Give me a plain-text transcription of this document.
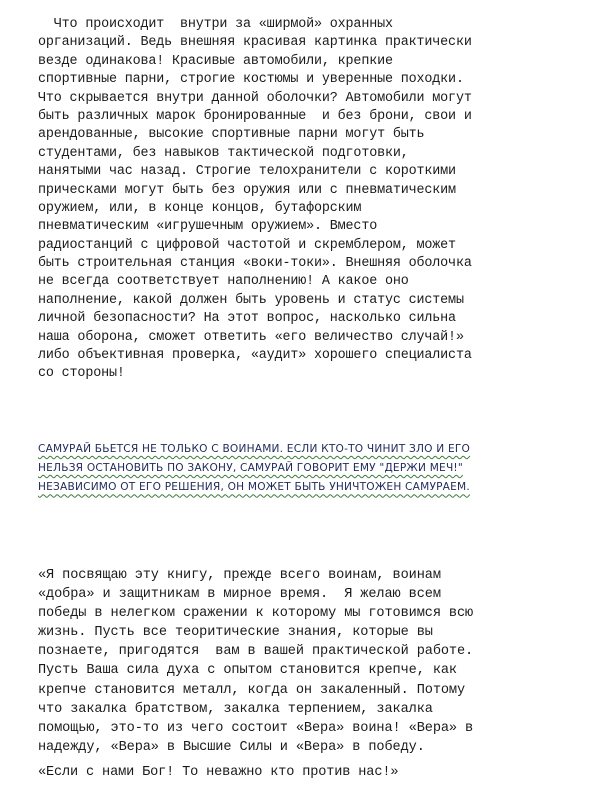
Что происходит  внутри за «ширмой» охранных
организаций. Ведь внешняя красивая картинка практически
везде одинакова! Красивые автомобили, крепкие
спортивные парни, строгие костюмы и уверенные походки.
Что скрывается внутри данной оболочки? Автомобили могут
быть различных марок бронированные  и без брони, свои и
арендованные, высокие спортивные парни могут быть
студентами, без навыков тактической подготовки,
нанятыми час назад. Строгие телохранители с короткими
прическами могут быть без оружия или с пневматическим
оружием, или, в конце концов, бутафорским
пневматическим «игрушечным оружием». Вместо
радиостанций с цифровой частотой и скремблером, может
быть строительная станция «воки-токи». Внешняя оболочка
не всегда соответствует наполнению! А какое оно
наполнение, какой должен быть уровень и статус системы
личной безопасности? На этот вопрос, насколько сильна
наша оборона, сможет ответить «его величество случай!»
либо объективная проверка, «аудит» хорошего специалиста
со стороны!
САМУРАЙ БЬЕТСЯ НЕ ТОЛЬКО С ВОИНАМИ. ЕСЛИ КТО-ТО ЧИНИТ ЗЛО И ЕГО
НЕЛЬЗЯ ОСТАНОВИТЬ ПО ЗАКОНУ, САМУРАЙ ГОВОРИТ ЕМУ "ДЕРЖИ МЕЧ!"
НЕЗАВИСИМО ОТ ЕГО РЕШЕНИЯ, ОН МОЖЕТ БЫТЬ УНИЧТОЖЕН САМУРАЕМ.
«Я посвящаю эту книгу, прежде всего воинам, воинам
«добра» и защитникам в мирное время.  Я желаю всем
победы в нелегком сражении к которому мы готовимся всю
жизнь. Пусть все теоритические знания, которые вы
познаете, пригодятся  вам в вашей практической работе.
Пусть Ваша сила духа с опытом становится крепче, как
крепче становится металл, когда он закаленный. Потому
что закалка братством, закалка терпением, закалка
помощью, это-то из чего состоит «Вера» воина! «Вера» в
надежду, «Вера» в Высшие Силы и «Вера» в победу.
«Если с нами Бог! То неважно кто против нас!»
